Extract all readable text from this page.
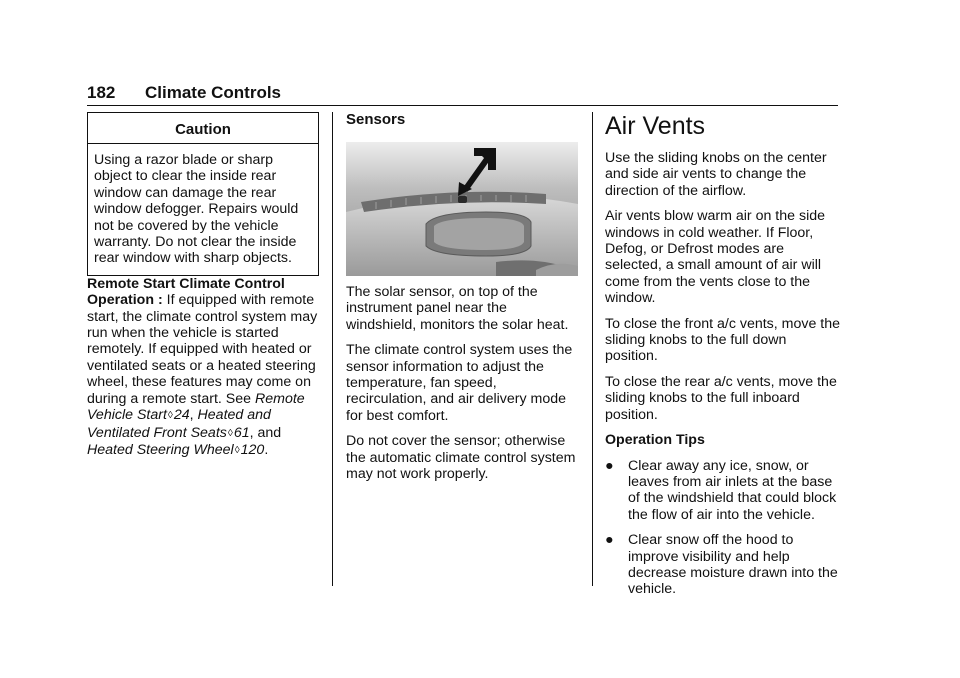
182 Climate Controls
Caution
Using a razor blade or sharp object to clear the inside rear window can damage the rear window defogger. Repairs would not be covered by the vehicle warranty. Do not clear the inside rear window with sharp objects.

Remote Start Climate Control Operation : If equipped with remote start, the climate control system may run when the vehicle is started remotely. If equipped with heated or ventilated seats or a heated steering wheel, these features may come on during a remote start. See Remote Vehicle Start◊24, Heated and Ventilated Front Seats◊61, and Heated Steering Wheel◊120.

Sensors

The solar sensor, on top of the instrument panel near the windshield, monitors the solar heat.

The climate control system uses the sensor information to adjust the temperature, fan speed, recirculation, and air delivery mode for best comfort.

Do not cover the sensor; otherwise the automatic climate control system may not work properly.

Air Vents

Use the sliding knobs on the center and side air vents to change the direction of the airflow.

Air vents blow warm air on the side windows in cold weather. If Floor, Defog, or Defrost modes are selected, a small amount of air will come from the vents close to the window.

To close the front a/c vents, move the sliding knobs to the full down position.

To close the rear a/c vents, move the sliding knobs to the full inboard position.

Operation Tips

● Clear away any ice, snow, or leaves from air inlets at the base of the windshield that could block the flow of air into the vehicle.

● Clear snow off the hood to improve visibility and help decrease moisture drawn into the vehicle.
